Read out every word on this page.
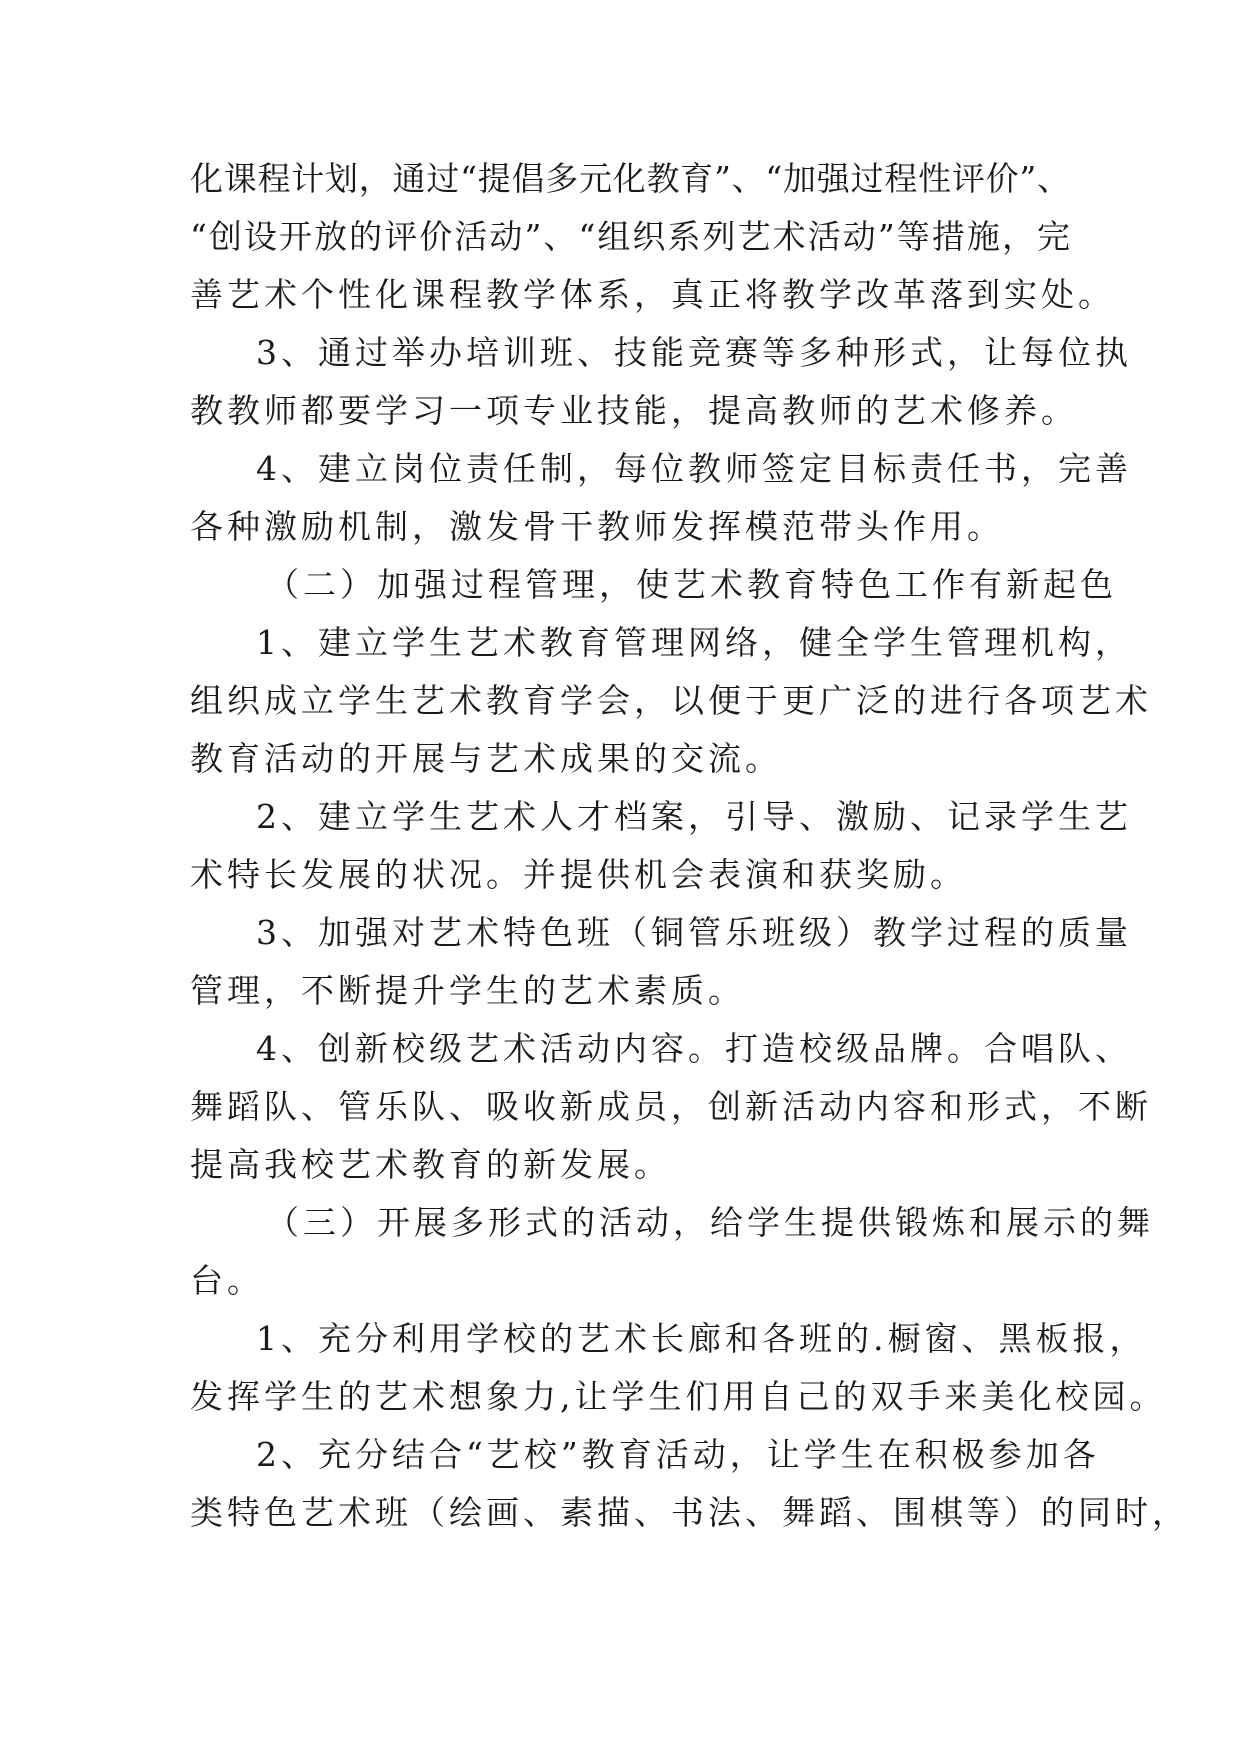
化课程计划，通过“提倡多元化教育”、“加强过程性评价”、
“创设开放的评价活动”、“组织系列艺术活动”等措施，完
善艺术个性化课程教学体系，真正将教学改革落到实处。
3、通过举办培训班、技能竞赛等多种形式，让每位执
教教师都要学习一项专业技能，提高教师的艺术修养。
4、建立岗位责任制，每位教师签定目标责任书，完善
各种激励机制，激发骨干教师发挥模范带头作用。
（二）加强过程管理，使艺术教育特色工作有新起色
1、建立学生艺术教育管理网络，健全学生管理机构，
组织成立学生艺术教育学会，以便于更广泛的进行各项艺术
教育活动的开展与艺术成果的交流。
2、建立学生艺术人才档案，引导、激励、记录学生艺
术特长发展的状况。并提供机会表演和获奖励。
3、加强对艺术特色班（铜管乐班级）教学过程的质量
管理，不断提升学生的艺术素质。
4、创新校级艺术活动内容。打造校级品牌。合唱队、
舞蹈队、管乐队、吸收新成员，创新活动内容和形式，不断
提高我校艺术教育的新发展。
（三）开展多形式的活动，给学生提供锻炼和展示的舞
台。
1、充分利用学校的艺术长廊和各班的.橱窗、黑板报，
发挥学生的艺术想象力,让学生们用自己的双手来美化校园。
2、充分结合“艺校”教育活动，让学生在积极参加各
类特色艺术班（绘画、素描、书法、舞蹈、围棋等）的同时，
